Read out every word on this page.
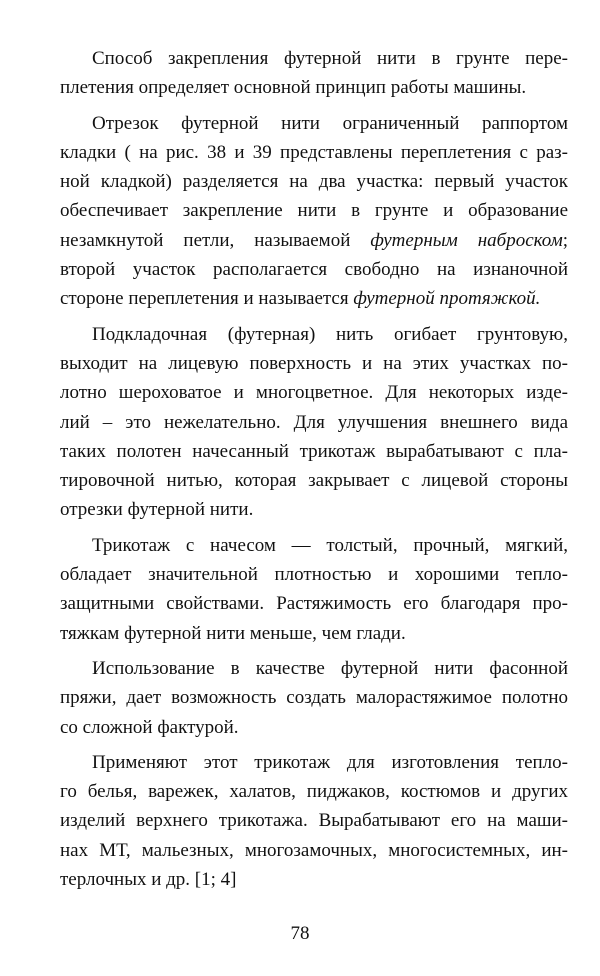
Способ закрепления футерной нити в грунте пере-
плетения определяет основной принцип работы машины.

Отрезок футерной нити ограниченный раппортом
кладки ( на рис. 38 и 39 представлены переплетения с раз-
ной кладкой) разделяется на два участка: первый участок
обеспечивает закрепление нити в грунте и образование
незамкнутой петли, называемой футерным наброском;
второй участок располагается свободно на изнаночной
стороне переплетения и называется футерной протяжкой.

Подкладочная (футерная) нить огибает грунтовую,
выходит на лицевую поверхность и на этих участках по-
лотно шероховатое и многоцветное. Для некоторых изде-
лий – это нежелательно. Для улучшения внешнего вида
таких полотен начесанный трикотаж вырабатывают с пла-
тировочной нитью, которая закрывает с лицевой стороны
отрезки футерной нити.

Трикотаж с начесом — толстый, прочный, мягкий,
обладает значительной плотностью и хорошими тепло-
защитными свойствами. Растяжимость его благодаря про-
тяжкам футерной нити меньше, чем глади.

Использование в качестве футерной нити фасонной
пряжи, дает возможность создать малорастяжимое полотно
со сложной фактурой.

Применяют этот трикотаж для изготовления тепло-
го белья, варежек, халатов, пиджаков, костюмов и других
изделий верхнего трикотажа. Вырабатывают его на маши-
нах МТ, мальезных, многозамочных, многосистемных, ин-
терлочных и др. [1; 4]

78
